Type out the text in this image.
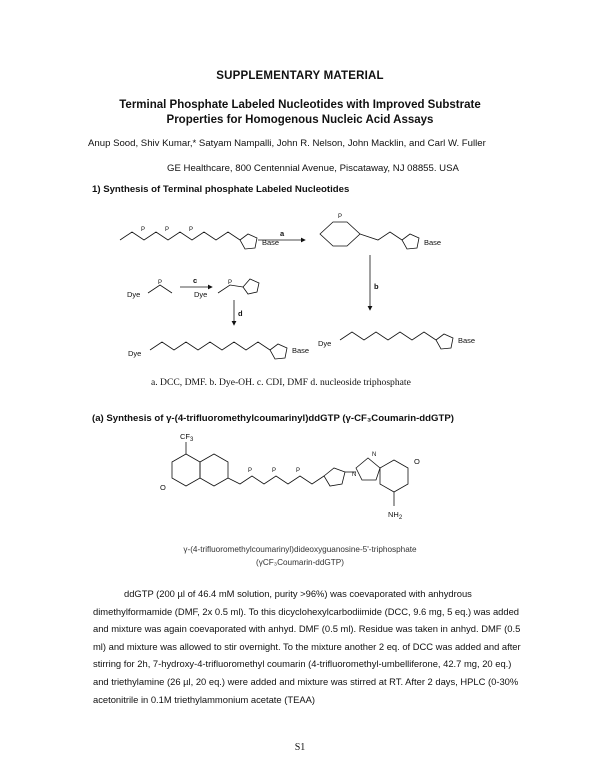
SUPPLEMENTARY MATERIAL
Terminal Phosphate Labeled Nucleotides with Improved Substrate
Properties for Homogenous Nucleic Acid Assays
Anup Sood, Shiv Kumar,* Satyam Nampalli, John R. Nelson, John Macklin, and Carl W. Fuller
GE Healthcare, 800 Centennial Avenue, Piscataway, NJ 08855. USA
1) Synthesis of Terminal phosphate Labeled Nucleotides
Base	Base
Base
Base
a
b
c
d
Dye	Dye
Dye
Dye
P	P	P
P
P	P
a. DCC, DMF. b. Dye-OH. c. CDI, DMF d. nucleoside triphosphate
(a) Synthesis of γ-(4-trifluoromethylcoumarinyl)ddGTP (γ-CF₃Coumarin-ddGTP)
$CF_3$
$NH_2$
O
O
P	P	P
N
N
γ-(4-trifluoromethylcoumarinyl)dideoxyguanosine-5'-triphosphate
(γCF₃Coumarin-ddGTP)

ddGTP (200 µl of 46.4 mM solution, purity >96%) was coevaporated with anhydrous dimethylformamide (DMF, 2x 0.5 ml). To this dicyclohexylcarbodiimide (DCC, 9.6 mg, 5 eq.) was added and mixture was again coevaporated with anhyd. DMF (0.5 ml). Residue was taken in anhyd. DMF (0.5 ml) and mixture was allowed to stir overnight. To the mixture another 2 eq. of DCC was added and after stirring for 2h, 7-hydroxy-4-trifluoromethyl coumarin (4-trifluoromethyl-umbelliferone, 42.7 mg, 20 eq.) and triethylamine (26 µl, 20 eq.) were added and mixture was stirred at RT. After 2 days, HPLC (0-30% acetonitrile in 0.1M triethylammonium acetate (TEAA)

S1
